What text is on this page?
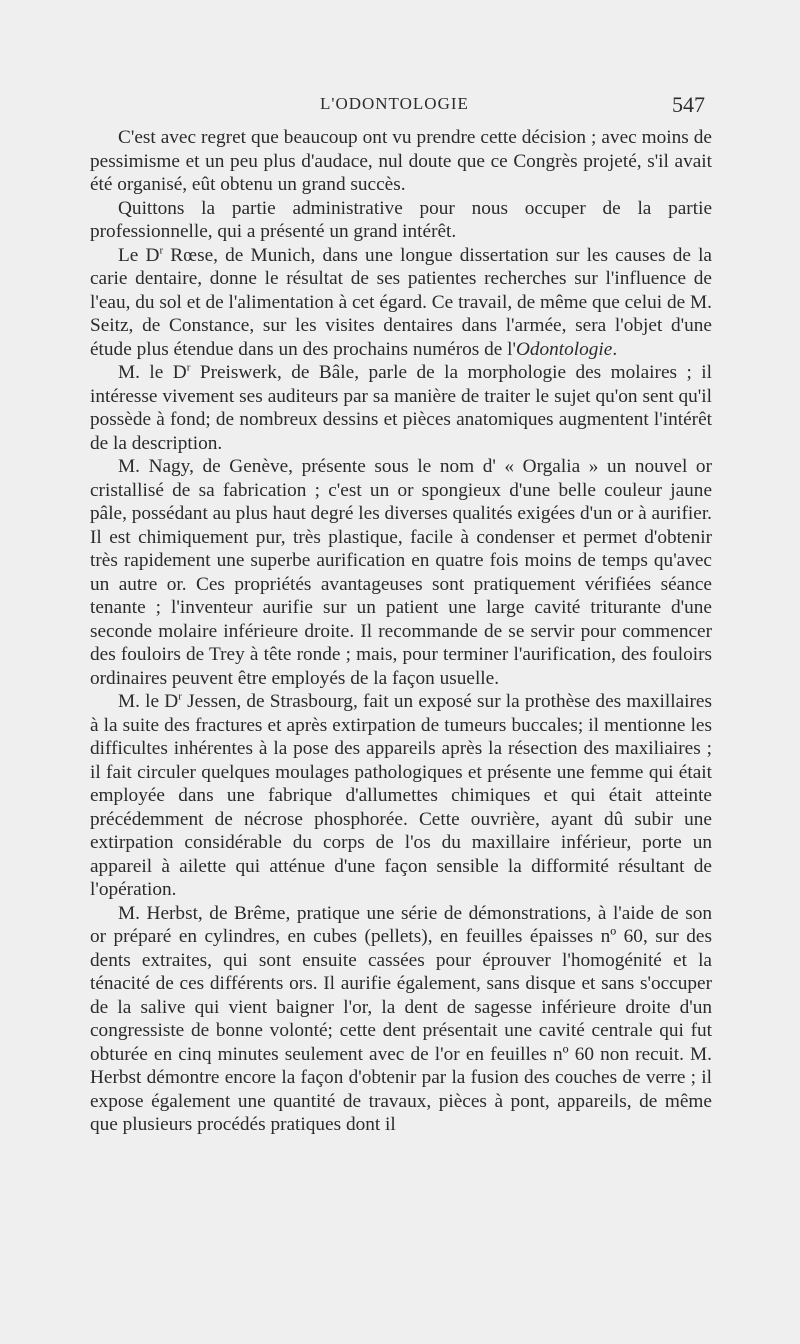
L'ODONTOLOGIE	547

C'est avec regret que beaucoup ont vu prendre cette décision ; avec moins de pessimisme et un peu plus d'audace, nul doute que ce Congrès projeté, s'il avait été organisé, eût obtenu un grand succès.

Quittons la partie administrative pour nous occuper de la partie professionnelle, qui a présenté un grand intérêt.

Le $D^r$ Rœse, de Munich, dans une longue dissertation sur les causes de la carie dentaire, donne le résultat de ses patientes recherches sur l'influence de l'eau, du sol et de l'alimentation à cet égard. Ce travail, de même que celui de M. Seitz, de Constance, sur les visites dentaires dans l'armée, sera l'objet d'une étude plus étendue dans un des prochains numéros de l'Odontologie.

M. le $D^r$ Preiswerk, de Bâle, parle de la morphologie des molaires ; il intéresse vivement ses auditeurs par sa manière de traiter le sujet qu'on sent qu'il possède à fond; de nombreux dessins et pièces anatomiques augmentent l'intérêt de la description.

M. Nagy, de Genève, présente sous le nom d' « Orgalia » un nouvel or cristallisé de sa fabrication ; c'est un or spongieux d'une belle couleur jaune pâle, possédant au plus haut degré les diverses qualités exigées d'un or à aurifier. Il est chimiquement pur, très plastique, facile à condenser et permet d'obtenir très rapidement une superbe aurification en quatre fois moins de temps qu'avec un autre or. Ces propriétés avantageuses sont pratiquement vérifiées séance tenante ; l'inventeur aurifie sur un patient une large cavité triturante d'une seconde molaire inférieure droite. Il recommande de se servir pour commencer des fouloirs de Trey à tête ronde ; mais, pour terminer l'aurification, des fouloirs ordinaires peuvent être employés de la façon usuelle.

M. le $D^r$ Jessen, de Strasbourg, fait un exposé sur la prothèse des maxillaires à la suite des fractures et après extirpation de tumeurs buccales; il mentionne les difficultes inhérentes à la pose des appareils après la résection des maxiliaires ; il fait circuler quelques moulages pathologiques et présente une femme qui était employée dans une fabrique d'allumettes chimiques et qui était atteinte précédemment de nécrose phosphorée. Cette ouvrière, ayant dû subir une extirpation considérable du corps de l'os du maxillaire inférieur, porte un appareil à ailette qui atténue d'une façon sensible la difformité résultant de l'opération.

M. Herbst, de Brême, pratique une série de démonstrations, à l'aide de son or préparé en cylindres, en cubes (pellets), en feuilles épaisses nº 60, sur des dents extraites, qui sont ensuite cassées pour éprouver l'homogénité et la ténacité de ces différents ors. Il aurifie également, sans disque et sans s'occuper de la salive qui vient baigner l'or, la dent de sagesse inférieure droite d'un congressiste de bonne volonté; cette dent présentait une cavité centrale qui fut obturée en cinq minutes seulement avec de l'or en feuilles nº 60 non recuit. M. Herbst démontre encore la façon d'obtenir par la fusion des couches de verre ; il expose également une quantité de travaux, pièces à pont, appareils, de même que plusieurs procédés pratiques dont il
